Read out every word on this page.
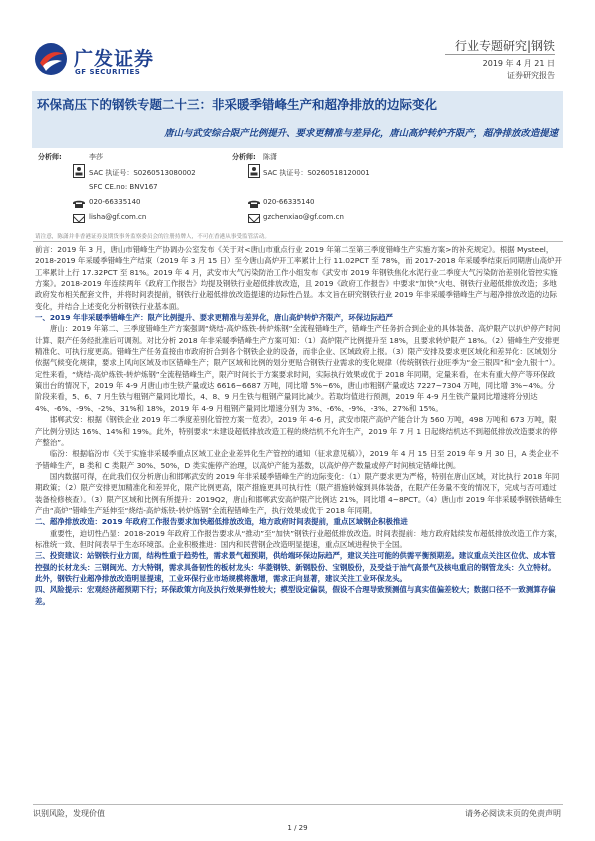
广发证券
GF SECURITIES
行业专题研究|钢铁
2019 年 4 月 21 日
证券研究报告
环保高压下的钢铁专题二十三：非采暖季错峰生产和超净排放的边际变化
唐山与武安综合限产比例提升、要求更精准与差异化，唐山高炉转炉齐限产，超净排放改造提速
分析师:	李莎
SAC 执证号：S0260513080002
SFC CE.no: BNV167
020-66335140
lisha@gf.com.cn
分析师: 陈潇
SAC 执证号：S0260518120001
020-66335140
gzchenxiao@gf.com.cn
请注意，陈潇并非香港证券及期货事务监察委员会的注册持牌人，不可在香港从事受监管活动。

前言：2019 年 3 月，唐山市错峰生产协调办公室发布《关于对<唐山市重点行业 2019 年第二至第三季度错峰生产实施方案>的补充规定》。根据 Mysteel，2018-2019 年采暖季错峰生产结束（2019 年 3 月 15 日）至今唐山高炉开工率累计上行 11.02PCT 至 78%，而 2017-2018 年采暖季结束后同期唐山高炉开工率累计上行 17.32PCT 至 81%。2019 年 4 月，武安市大气污染防治工作小组发布《武安市 2019 年钢铁焦化水泥行业二季度大气污染防治差别化管控实施方案》。2018-2019 年连续两年《政府工作报告》均提及钢铁行业超低排放改造，且 2019《政府工作报告》中要求“加快”火电、钢铁行业超低排放改造；多地政府发布相关配套文件，并将时间表提前，钢铁行业超低排放改造提速的边际性凸显。本文旨在研究钢铁行业 2019 年非采暖季错峰生产与超净排放改造的边际变化，并结合上述变化分析钢铁行业基本面。

一、2019 年非采暖季错峰生产：限产比例提升、要求更精准与差异化，唐山高炉转炉齐限产，环保边际趋严

唐山：2019 年第二、三季度错峰生产方案强调“烧结-高炉炼铁-转炉炼钢”全流程错峰生产，错峰生产任务折合到企业的具体装备、高炉限产以扒炉停产时间计算、限产任务经批准后可调剂。对比分析 2018 年非采暖季错峰生产方案可知：（1）高炉限产比例提升至 18%，且要求转炉限产 18%。（2）错峰生产安排更精准化、可执行度更高。错峰生产任务直接由市政府折合到各个钢铁企业的设备，而非企业、区域政府上报。（3）限产安排及要求更区域化和差异化：区域划分依据气候变化规律，要求上风向区域及市区错峰生产；限产区域和比例的划分更贴合钢铁行业需求的变化规律（传统钢铁行业旺季为“金三银四”和“金九银十”）。定性来看，“烧结-高炉炼铁-转炉炼钢”全流程错峰生产，限产时间长于方案要求时间，实际执行效果或优于 2018 年同期，定量来看，在未有重大停产等环保政策出台的情况下，2019 年 4-9 月唐山市生铁产量或达 6616~6687 万吨，同比增 5%~6%，唐山市粗钢产量或达 7227~7304 万吨，同比增 3%~4%。分阶段来看，5、6、7 月生铁与粗钢产量同比增长，4、8、9 月生铁与粗钢产量同比减少。若取均值进行预测，2019 年 4-9 月生铁产量同比增速将分别达 4%、-6%、-9%、-2%、31%和 18%，2019 年 4-9 月粗钢产量同比增速分别为 3%、-6%、-9%、-3%、27%和 15%。

邯郸武安：根据《钢铁企业 2019 年二季度差别化管控方案一览表》，2019 年 4-6 月，武安市限产高炉产能合计为 560 万吨，498 万吨和 673 万吨，限产比例分别达 16%、14%和 19%。此外，特别要求“未建设超低排放改造工程的烧结机不允许生产，2019 年 7 月 1 日起烧结机达不到超低排放改造要求的停产整治”。

临汾：根据临汾市《关于实施非采暖季重点区域工业企业差异化生产管控的通知（征求意见稿）》，2019 年 4 月 15 日至 2019 年 9 月 30 日，A 类企业不予错峰生产，B 类和 C 类限产 30%、50%，D 类实施停产治理，以高炉产能为基数，以高炉停产数量或停产时间核定错峰比例。

国内数据可得，在此我们仅分析唐山和邯郸武安的 2019 年非采暖季错峰生产的边际变化：（1）限产要求更为严格，特别在唐山区域，对比执行 2018 年同期政策；（2）限产安排更加精准化和差异化，限产比例更高，限产措施更具可执行性（限产措施转嫁到具体装备，在限产任务量不变的情况下，完成与否可通过装备检修核查）。（3）限产区域和比例有所提升：2019Q2，唐山和邯郸武安高炉限产比例达 21%，同比增 4~8PCT。（4）唐山市 2019 年非采暖季钢铁错峰生产由“高炉”错峰生产延伸至“烧结-高炉炼铁-转炉炼钢”全流程错峰生产，执行效果或优于 2018 年同期。

二、超净排放改造：2019 年政府工作报告要求加快超低排放改造，地方政府时间表提前，重点区域钢企积极推进

重要性，迫切性凸显：2018-2019 年政府工作报告要求从“推动”至“加快”钢铁行业超低排放改造。时间表提前：地方政府陆续发布超低排放改造工作方案，标准统一致、但时间表早于生态环境部。企业积极推进：国内和民营钢企改造明显提速，重点区域进程快于全国。

三、投资建议：站钢铁行业方面，结构性重于趋势性，需求景气超预期，供给端环保边际趋严，建议关注可能的供需平衡预期差。建议重点关注区位优、成本管控强的长材龙头：三钢闽光、方大特钢，需求具备韧性的板材龙头：华菱钢铁、新钢股份、宝钢股份，及受益于油气高景气及核电重启的钢管龙头：久立特材。此外，钢铁行业超净排放改造明显提速，工业环保行业市场规模将激增，需求正向显著，建议关注工业环保龙头。

四、风险提示：宏观经济超预期下行；环保政策方向及执行效果弹性较大；模型设定偏误，假设不合理导致预测值与真实值偏差较大；数据口径不一致测算存偏差。

识别风险，发现价值	请务必阅读末页的免责声明
1 / 29
